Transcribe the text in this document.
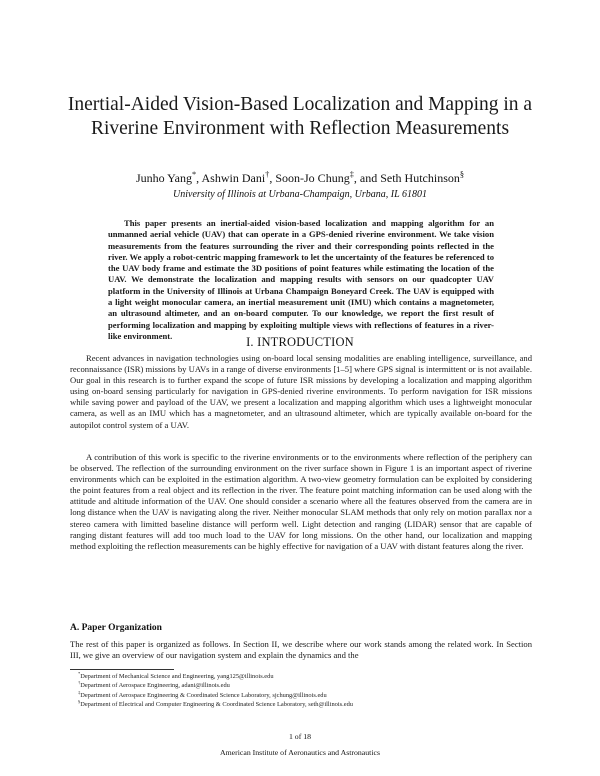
Inertial-Aided Vision-Based Localization and Mapping in a Riverine Environment with Reflection Measurements
Junho Yang*, Ashwin Dani†, Soon-Jo Chung‡, and Seth Hutchinson§
University of Illinois at Urbana-Champaign, Urbana, IL 61801
This paper presents an inertial-aided vision-based localization and mapping algorithm for an unmanned aerial vehicle (UAV) that can operate in a GPS-denied riverine environment. We take vision measurements from the features surrounding the river and their corresponding points reflected in the river. We apply a robot-centric mapping framework to let the uncertainty of the features be referenced to the UAV body frame and estimate the 3D positions of point features while estimating the location of the UAV. We demonstrate the localization and mapping results with sensors on our quadcopter UAV platform in the University of Illinois at Urbana Champaign Boneyard Creek. The UAV is equipped with a light weight monocular camera, an inertial measurement unit (IMU) which contains a magnetometer, an ultrasound altimeter, and an on-board computer. To our knowledge, we report the first result of performing localization and mapping by exploiting multiple views with reflections of features in a river-like environment.	I. INTRODUCTION
Recent advances in navigation technologies using on-board local sensing modalities are enabling intelligence, surveillance, and reconnaissance (ISR) missions by UAVs in a range of diverse environments [1–5] where GPS signal is intermittent or is not available. Our goal in this research is to further expand the scope of future ISR missions by developing a localization and mapping algorithm using on-board sensing particularly for navigation in GPS-denied riverine environments. To perform navigation for ISR missions while saving power and payload of the UAV, we present a localization and mapping algorithm which uses a lightweight monocular camera, as well as an IMU which has a magnetometer, and an ultrasound altimeter, which are typically available on-board for the autopilot control system of a UAV.
A contribution of this work is specific to the riverine environments or to the environments where reflection of the periphery can be observed. The reflection of the surrounding environment on the river surface shown in Figure 1 is an important aspect of riverine environments which can be exploited in the estimation algorithm. A two-view geometry formulation can be exploited by considering the point features from a real object and its reflection in the river. The feature point matching information can be used along with the attitude and altitude information of the UAV. One should consider a scenario where all the features observed from the camera are in long distance when the UAV is navigating along the river. Neither monocular SLAM methods that only rely on motion parallax nor a stereo camera with limitted baseline distance will perform well. Light detection and ranging (LIDAR) sensor that are capable of ranging distant features will add too much load to the UAV for long missions. On the other hand, our localization and mapping method exploiting the reflection measurements can be highly effective for navigation of a UAV with distant features along the river.
A. Paper Organization
The rest of this paper is organized as follows. In Section II, we describe where our work stands among the related work. In Section III, we give an overview of our navigation system and explain the dynamics and the
*Department of Mechanical Science and Engineering, yang125@illinois.edu
†Department of Aerospace Engineering, adani@illinois.edu
‡Department of Aerospace Engineering & Coordinated Science Laboratory, sjchung@illinois.edu
§Department of Electrical and Computer Engineering & Coordinated Science Laboratory, seth@illinois.edu
1 of 18
American Institute of Aeronautics and Astronautics
